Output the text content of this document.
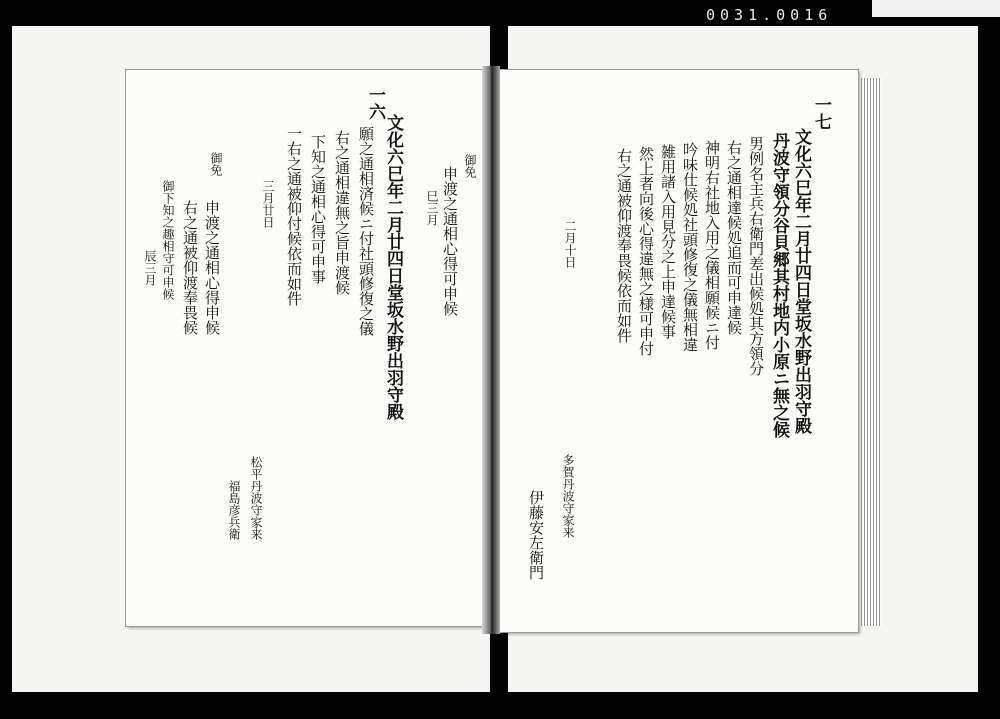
0031.0016
一六
御免
申渡之通相心得可申候
巳三月
文化六巳年二月廿四日堂坂水野出羽守殿
願之通相済候ニ付社頭修復之儀
右之通相違無之旨申渡候
下知之通相心得可申事
一右之通被仰付候依而如件
三月廿日
御免
申渡之通相心得申候
右之通被仰渡奉畏候
御下知之趣相守可申候
辰三月
松平丹波守家来
福島彦兵衛
一七
文化六巳年二月廿四日堂坂水野出羽守殿
丹波守領分谷貝郷其村地内小原ニ無之候
男例名主兵右衛門差出候処其方領分
右之通相達候処追而可申達候
神明右社地入用之儀相願候ニ付
吟味仕候処社頭修復之儀無相違
雑用諸入用見分之上申達候事
然上者向後心得違無之様可申付
右之通被仰渡奉畏候依而如件
二月十日
多賀丹波守家来
伊藤安左衛門
